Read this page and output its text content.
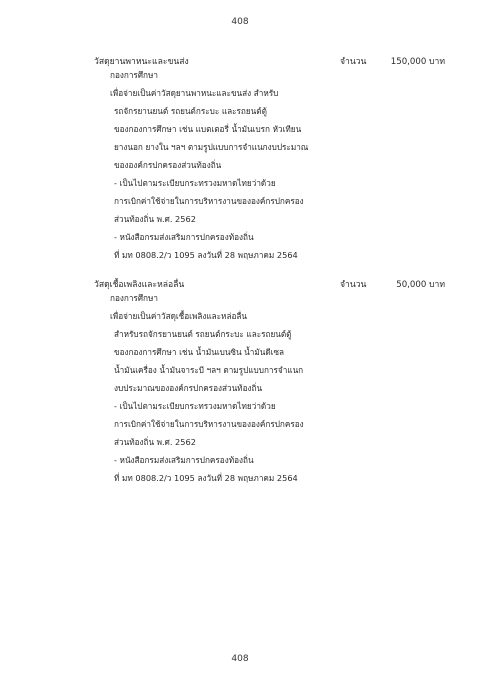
408
วัสดุยานพาหนะและขนส่ง	จำนวน	150,000 บาท
กองการศึกษา
เพื่อจ่ายเป็นค่าวัสดุยานพาหนะและขนส่ง สำหรับ
รถจักรยานยนต์ รถยนต์กระบะ และรถยนต์ตู้
ของกองการศึกษา เช่น แบตเตอรี่ น้ำมันเบรก หัวเทียน
ยางนอก ยางใน ฯลฯ ตามรูปแบบการจำแนกงบประมาณ
ขององค์กรปกครองส่วนท้องถิ่น
- เป็นไปตามระเบียบกระทรวงมหาดไทยว่าด้วย
การเบิกค่าใช้จ่ายในการบริหารงานขององค์กรปกครอง
ส่วนท้องถิ่น พ.ศ. 2562
- หนังสือกรมส่งเสริมการปกครองท้องถิ่น
ที่ มท 0808.2/ว 1095 ลงวันที่ 28 พฤษภาคม 2564
วัสดุเชื้อเพลิงและหล่อลื่น	จำนวน	50,000 บาท
กองการศึกษา
เพื่อจ่ายเป็นค่าวัสดุเชื้อเพลิงและหล่อลื่น
สำหรับรถจักรยานยนต์ รถยนต์กระบะ และรถยนต์ตู้
ของกองการศึกษา เช่น น้ำมันเบนซิน น้ำมันดีเซล
น้ำมันเครื่อง น้ำมันจาระบี ฯลฯ ตามรูปแบบการจำแนก
งบประมาณขององค์กรปกครองส่วนท้องถิ่น
- เป็นไปตามระเบียบกระทรวงมหาดไทยว่าด้วย
การเบิกค่าใช้จ่ายในการบริหารงานขององค์กรปกครอง
ส่วนท้องถิ่น พ.ศ. 2562
- หนังสือกรมส่งเสริมการปกครองท้องถิ่น
ที่ มท 0808.2/ว 1095 ลงวันที่ 28 พฤษภาคม 2564
408
